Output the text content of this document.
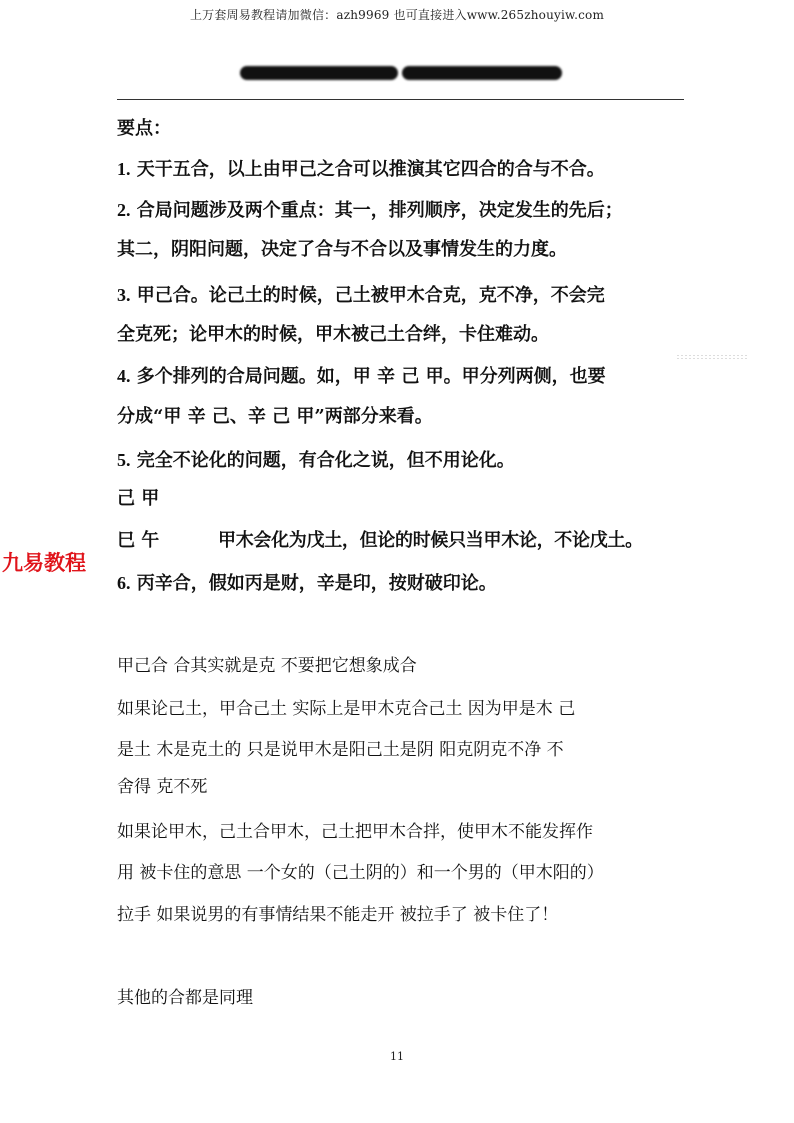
上万套周易教程请加微信：azh9969 也可直接进入www.265zhouyiw.com
要点：
1. 天干五合，以上由甲己之合可以推演其它四合的合与不合。
2. 合局问题涉及两个重点：其一，排列顺序，决定发生的先后；
其二，阴阳问题，决定了合与不合以及事情发生的力度。
3. 甲己合。论己土的时候，己土被甲木合克，克不净，不会完
全克死；论甲木的时候，甲木被己土合绊，卡住难动。
4. 多个排列的合局问题。如，甲 辛 己 甲。甲分列两侧，也要
分成“甲 辛 己、辛 己 甲”两部分来看。
5. 完全不论化的问题，有合化之说，但不用论化。
己 甲
巳 午	甲木会化为戊土，但论的时候只当甲木论，不论戊土。
九易教程
6. 丙辛合，假如丙是财，辛是印，按财破印论。
甲己合 合其实就是克 不要把它想象成合
如果论己土，甲合己土 实际上是甲木克合己土 因为甲是木 己
是土 木是克土的 只是说甲木是阳己土是阴 阳克阴克不净 不
舍得 克不死
如果论甲木，己土合甲木，己土把甲木合拌，使甲木不能发挥作
用 被卡住的意思 一个女的（己土阴的）和一个男的（甲木阳的）
拉手 如果说男的有事情结果不能走开 被拉手了 被卡住了！
其他的合都是同理
11
